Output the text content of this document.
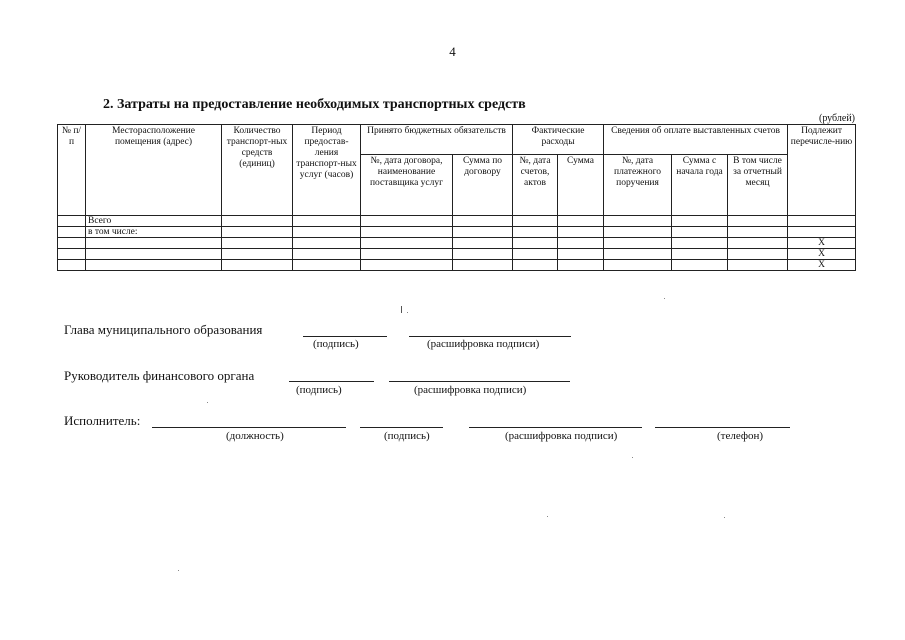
4
2. Затраты на предоставление необходимых транспортных средств
(рублей)
№ п/п	Месторасположение помещения (адрес)	Количество транспорт-ных средств (единиц)	Период предостав-ления транспорт-ных услуг (часов)	Принято бюджетных обязательств		Фактические расходы		Сведения об оплате выставленных счетов			Подлежит перечисле-нию
				№, дата договора, наименование поставщика услуг	Сумма по договору	№, дата счетов, актов	Сумма	№, дата платежного поручения	Сумма с начала года	В том числе за отчетный месяц	
	Всего										
	в том числе:										
											X
											X
											X
Глава муниципального образования
(подпись)	(расшифровка подписи)
Руководитель финансового органа
(подпись)	(расшифровка подписи)
Исполнитель:
(должность)	(подпись)	(расшифровка подписи)	(телефон)
